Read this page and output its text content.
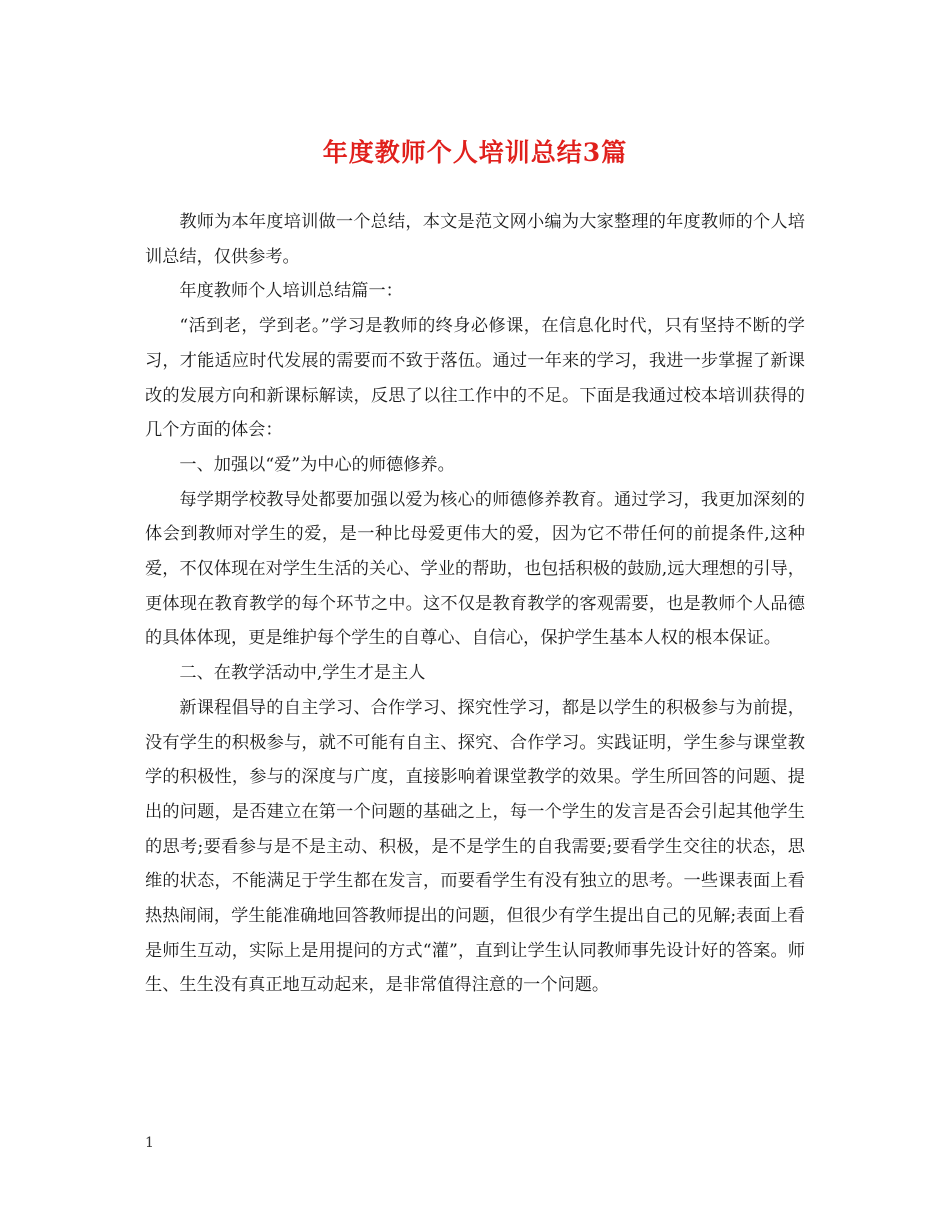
年度教师个人培训总结3篇

教师为本年度培训做一个总结，本文是范文网小编为大家整理的年度教师的个人培训总结，仅供参考。

年度教师个人培训总结篇一：

“活到老，学到老。”学习是教师的终身必修课，在信息化时代，只有坚持不断的学习，才能适应时代发展的需要而不致于落伍。通过一年来的学习，我进一步掌握了新课改的发展方向和新课标解读，反思了以往工作中的不足。下面是我通过校本培训获得的几个方面的体会：

一、加强以“爱”为中心的师德修养。

每学期学校教导处都要加强以爱为核心的师德修养教育。通过学习，我更加深刻的体会到教师对学生的爱，是一种比母爱更伟大的爱，因为它不带任何的前提条件,这种爱，不仅体现在对学生生活的关心、学业的帮助，也包括积极的鼓励,远大理想的引导，更体现在教育教学的每个环节之中。这不仅是教育教学的客观需要，也是教师个人品德的具体体现，更是维护每个学生的自尊心、自信心，保护学生基本人权的根本保证。

二、在教学活动中,学生才是主人

新课程倡导的自主学习、合作学习、探究性学习，都是以学生的积极参与为前提，没有学生的积极参与，就不可能有自主、探究、合作学习。实践证明，学生参与课堂教学的积极性，参与的深度与广度，直接影响着课堂教学的效果。学生所回答的问题、提出的问题，是否建立在第一个问题的基础之上，每一个学生的发言是否会引起其他学生的思考;要看参与是不是主动、积极，是不是学生的自我需要;要看学生交往的状态，思维的状态，不能满足于学生都在发言，而要看学生有没有独立的思考。一些课表面上看热热闹闹，学生能准确地回答教师提出的问题，但很少有学生提出自己的见解;表面上看是师生互动，实际上是用提问的方式“灌”，直到让学生认同教师事先设计好的答案。师生、生生没有真正地互动起来，是非常值得注意的一个问题。

1
